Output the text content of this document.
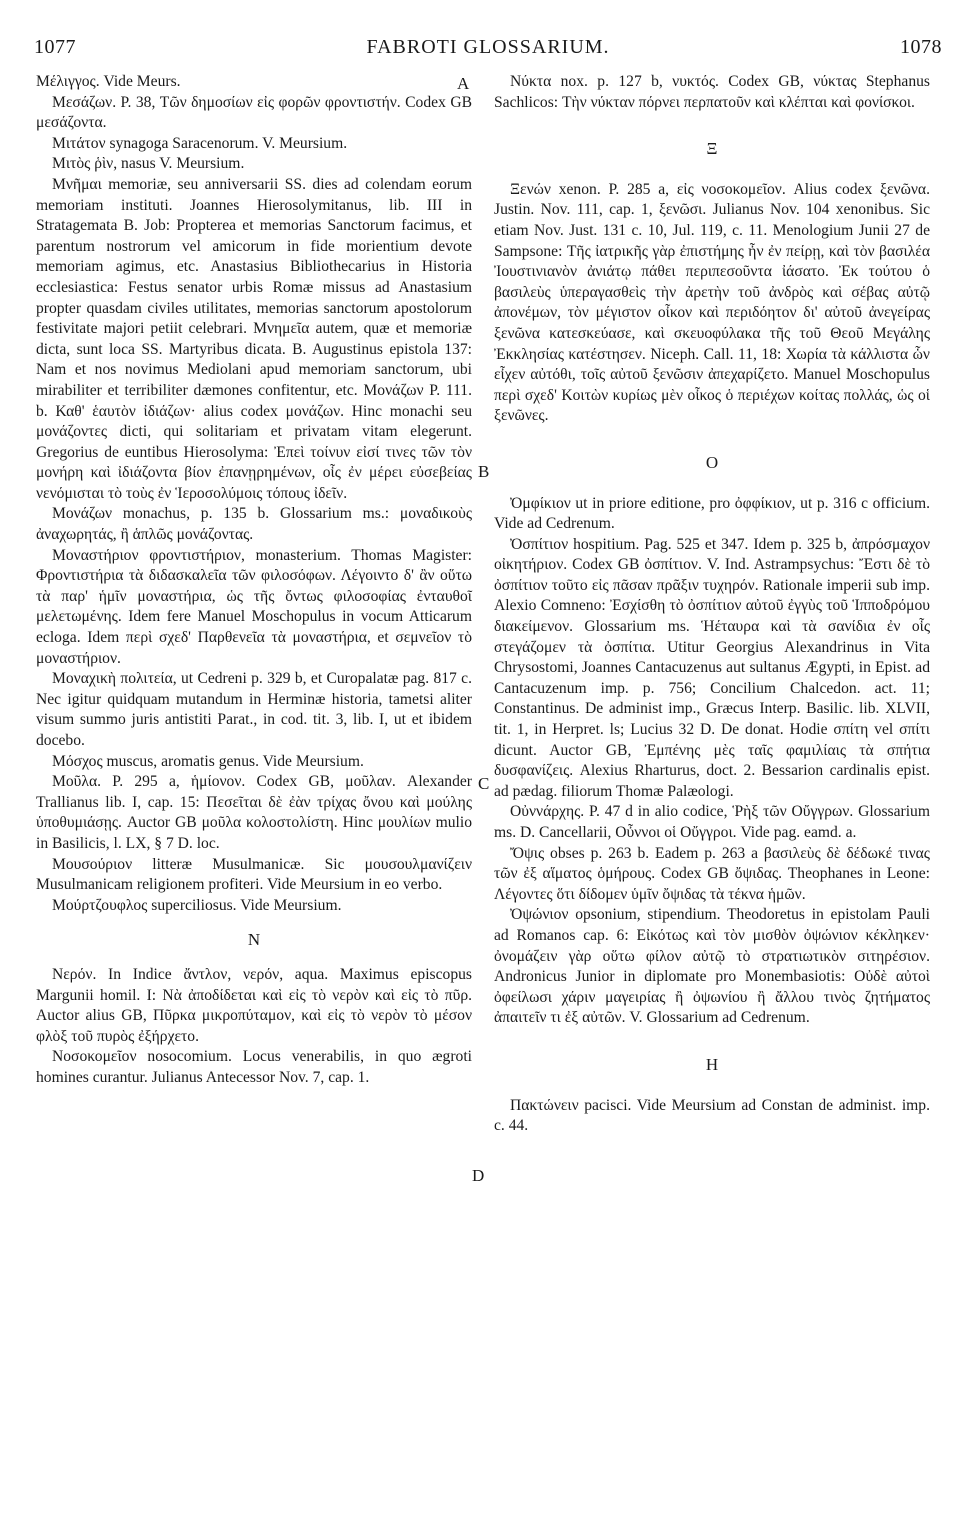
1077	FABROTI GLOSSARIUM.	1078
Μέλιγγος. Vide Meurs.
Μεσάζων. P. 38, Τῶν δημοσίων εἰς φορῶν φροντιστήν. Codex GB μεσάζοντα.
Μιτάτον synagoga Saracenorum. V. Meursium.
Μιτὸς ῥὶν, nasus V. Meursium.
Μνῆμαι memoriæ, seu anniversarii SS. dies ad colendam eorum memoriam instituti. Joannes Hierosolymitanus, lib. III in Stratagemata B. Job: Propterea et memorias Sanctorum facimus, et parentum nostrorum vel amicorum in fide morientium devote memoriam agimus, etc. Anastasius Bibliothecarius in Historia ecclesiastica: Festus senator urbis Romæ missus ad Anastasium propter quasdam civiles utilitates, memorias sanctorum apostolorum festivitate majori petiit celebrari. Μνημεῖα autem, quæ et memoriæ dicta, sunt loca SS. Martyribus dicata. B. Augustinus epistola 137: Nam et nos novimus Mediolani apud memoriam sanctorum, ubi mirabiliter et terribiliter dæmones confitentur, etc. Μονάζων P. 111. b. Καθ' ἑαυτὸν ἰδιάζων· alius codex μονάζων. Hinc monachi seu μονάζοντες dicti, qui solitariam et privatam vitam elegerunt. Gregorius de euntibus Hierosolyma: Ἐπεὶ τοίνυν εἰσί τινες τῶν τὸν μονήρη καὶ ἰδιάζοντα βίον ἐπανῃρημένων, οἷς ἐν μέρει εὐσεβείας νενόμισται τὸ τοὺς ἐν Ἱεροσολύμοις τόπους ἰδεῖν.
Μονάζων monachus, p. 135 b. Glossarium ms.: μοναδικοὺς ἀναχωρητάς, ἢ ἁπλῶς μονάζοντας.
Μοναστήριον φροντιστήριον, monasterium. Thomas Magister: Φροντιστήρια τὰ διδασκαλεῖα τῶν φιλοσόφων. Λέγοιντο δ' ἂν οὕτω τὰ παρ' ἡμῖν μοναστήρια, ὡς τῆς ὄντως φιλοσοφίας ἐνταυθοῖ μελετωμένης. Idem fere Manuel Moschopulus in vocum Atticarum ecloga. Idem περὶ σχεδ' Παρθενεῖα τὰ μοναστήρια, et σεμνεῖον τὸ μοναστήριον.
Μοναχικὴ πολιτεία, ut Cedreni p. 329 b, et Curopalatæ pag. 817 c. Nec igitur quidquam mutandum in Herminæ historia, tametsi aliter visum summo juris antistiti Parat., in cod. tit. 3, lib. I, ut et ibidem docebo.
Μόσχος muscus, aromatis genus. Vide Meursium.
Μοῦλα. P. 295 a, ἡμίονον. Codex GB, μοῦλαν. Alexander Trallianus lib. I, cap. 15: Πεσεῖται δὲ ἐὰν τρίχας ὄνου καὶ μούλης ὑποθυμιάσῃς. Auctor GB μοῦλα κολοστολίστη. Hinc μουλίων mulio in Basilicis, l. LX, § 7 D. loc.
Μουσούριον litteræ Musulmanicæ. Sic μουσουλμανίζειν Musulmanicam religionem profiteri. Vide Meursium in eo verbo.
Μούρτζουφλος superciliosus. Vide Meursium.
N
Νερόν. In Indice ἄντλον, νερόν, aqua. Maximus episcopus Margunii homil. I: Νὰ ἀποδίδεται καὶ εἰς τὸ νερὸν καὶ εἰς τὸ πῦρ. Auctor alius GB, Πῦρκα μικροπύταμον, καὶ εἰς τὸ νερὸν τὸ μέσον φλὸξ τοῦ πυρὸς ἐξήρχετο.
Νοσοκομεῖον nosocomium. Locus venerabilis, in quo ægroti homines curantur. Julianus Antecessor Nov. 7, cap. 1.
Νύκτα nox. p. 127 b, νυκτός. Codex GB, νύκτας Stephanus Sachlicos: Τὴν νύκταν πόρνει περπατοῦν καὶ κλέπται καὶ φονίσκοι.
Ξ
Ξενών xenon. P. 285 a, εἰς νοσοκομεῖον. Alius codex ξενῶνα. Justin. Nov. 111, cap. 1, ξενῶσι. Julianus Nov. 104 xenonibus. Sic etiam Nov. Just. 131 c. 10, Jul. 119, c. 11. Menologium Junii 27 de Sampsone: Τῆς ἰατρικῆς γὰρ ἐπιστήμης ἦν ἐν πείρῃ, καὶ τὸν βασιλέα Ἰουστινιανὸν ἀνιάτῳ πάθει περιπεσοῦντα ἰάσατο. Ἐκ τούτου ὁ βασιλεὺς ὑπεραγασθεὶς τὴν ἀρετὴν τοῦ ἀνδρὸς καὶ σέβας αὐτῷ ἀπονέμων, τὸν μέγιστον οἶκον καὶ περιδόητον δι' αὐτοῦ ἀνεγείρας ξενῶνα κατεσκεύασε, καὶ σκευοφύλακα τῆς τοῦ Θεοῦ Μεγάλης Ἐκκλησίας κατέστησεν. Niceph. Call. 11, 18: Χωρία τὰ κάλλιστα ὧν εἶχεν αὐτόθι, τοῖς αὐτοῦ ξενῶσιν ἀπεχαρίζετο. Manuel Moschopulus περὶ σχεδ' Κοιτὼν κυρίως μὲν οἶκος ὁ περιέχων κοίτας πολλάς, ὡς οἱ ξενῶνες.
O
Ὀμφίκιον ut in priore editione, pro ὀφφίκιον, ut p. 316 c officium. Vide ad Cedrenum.
Ὀσπίτιον hospitium. Pag. 525 et 347. Idem p. 325 b, ἀπρόσμαχον οἰκητήριον. Codex GB ὀσπίτιον. V. Ind. Astrampsychus: Ἔστι δὲ τὸ ὀσπίτιον τοῦτο εἰς πᾶσαν πρᾶξιν τυχηρόν. Rationale imperii sub imp. Alexio Comneno: Ἐσχίσθη τὸ ὀσπίτιον αὐτοῦ ἐγγὺς τοῦ Ἱπποδρόμου διακείμενον. Glossarium ms. Ἡέταυρα καὶ τὰ σανίδια ἐν οἷς στεγάζομεν τὰ ὀσπίτια. Utitur Georgius Alexandrinus in Vita Chrysostomi, Joannes Cantacuzenus aut sultanus Ægypti, in Epist. ad Cantacuzenum imp. p. 756; Concilium Chalcedon. act. 11; Constantinus. De administ imp., Græcus Interp. Basilic. lib. XLVII, tit. 1, in Herpret. ls; Lucius 32 D. De donat. Hodie σπίτη vel σπίτι dicunt. Auctor GB, Ἐμπένης μὲς ταῖς φαμιλίαις τὰ σπήτια δυσφανίζεις. Alexius Rharturus, doct. 2. Bessarion cardinalis epist. ad pædag. filiorum Thomæ Palæologi.
Οὐννάρχης. P. 47 d in alio codice, Ῥὴξ τῶν Οὔγγρων. Glossarium ms. D. Cancellarii, Οὖννοι οἱ Οὔγγροι. Vide pag. eamd. a.
Ὄψις obses p. 263 b. Eadem p. 263 a βασιλεὺς δὲ δέδωκέ τινας τῶν ἐξ αἵματος ὁμήρους. Codex GB ὄψιδας. Theophanes in Leone: Λέγοντες ὅτι δίδομεν ὑμῖν ὄψιδας τὰ τέκνα ἡμῶν.
Ὀψώνιον opsonium, stipendium. Theodoretus in epistolam Pauli ad Romanos cap. 6: Εἰκότως καὶ τὸν μισθὸν ὀψώνιον κέκληκεν· ὀνομάζειν γὰρ οὕτω φίλον αὐτῷ τὸ στρατιωτικὸν σιτηρέσιον. Andronicus Junior in diplomate pro Monembasiotis: Οὐδὲ αὐτοὶ ὀφείλωσι χάριν μαγειρίας ἢ ὀψωνίου ἢ ἄλλου τινὸς ζητήματος ἀπαιτεῖν τι ἐξ αὐτῶν. V. Glossarium ad Cedrenum.
H
Πακτώνειν pacisci. Vide Meursium ad Constan de administ. imp. c. 44.
A
B
C
D
